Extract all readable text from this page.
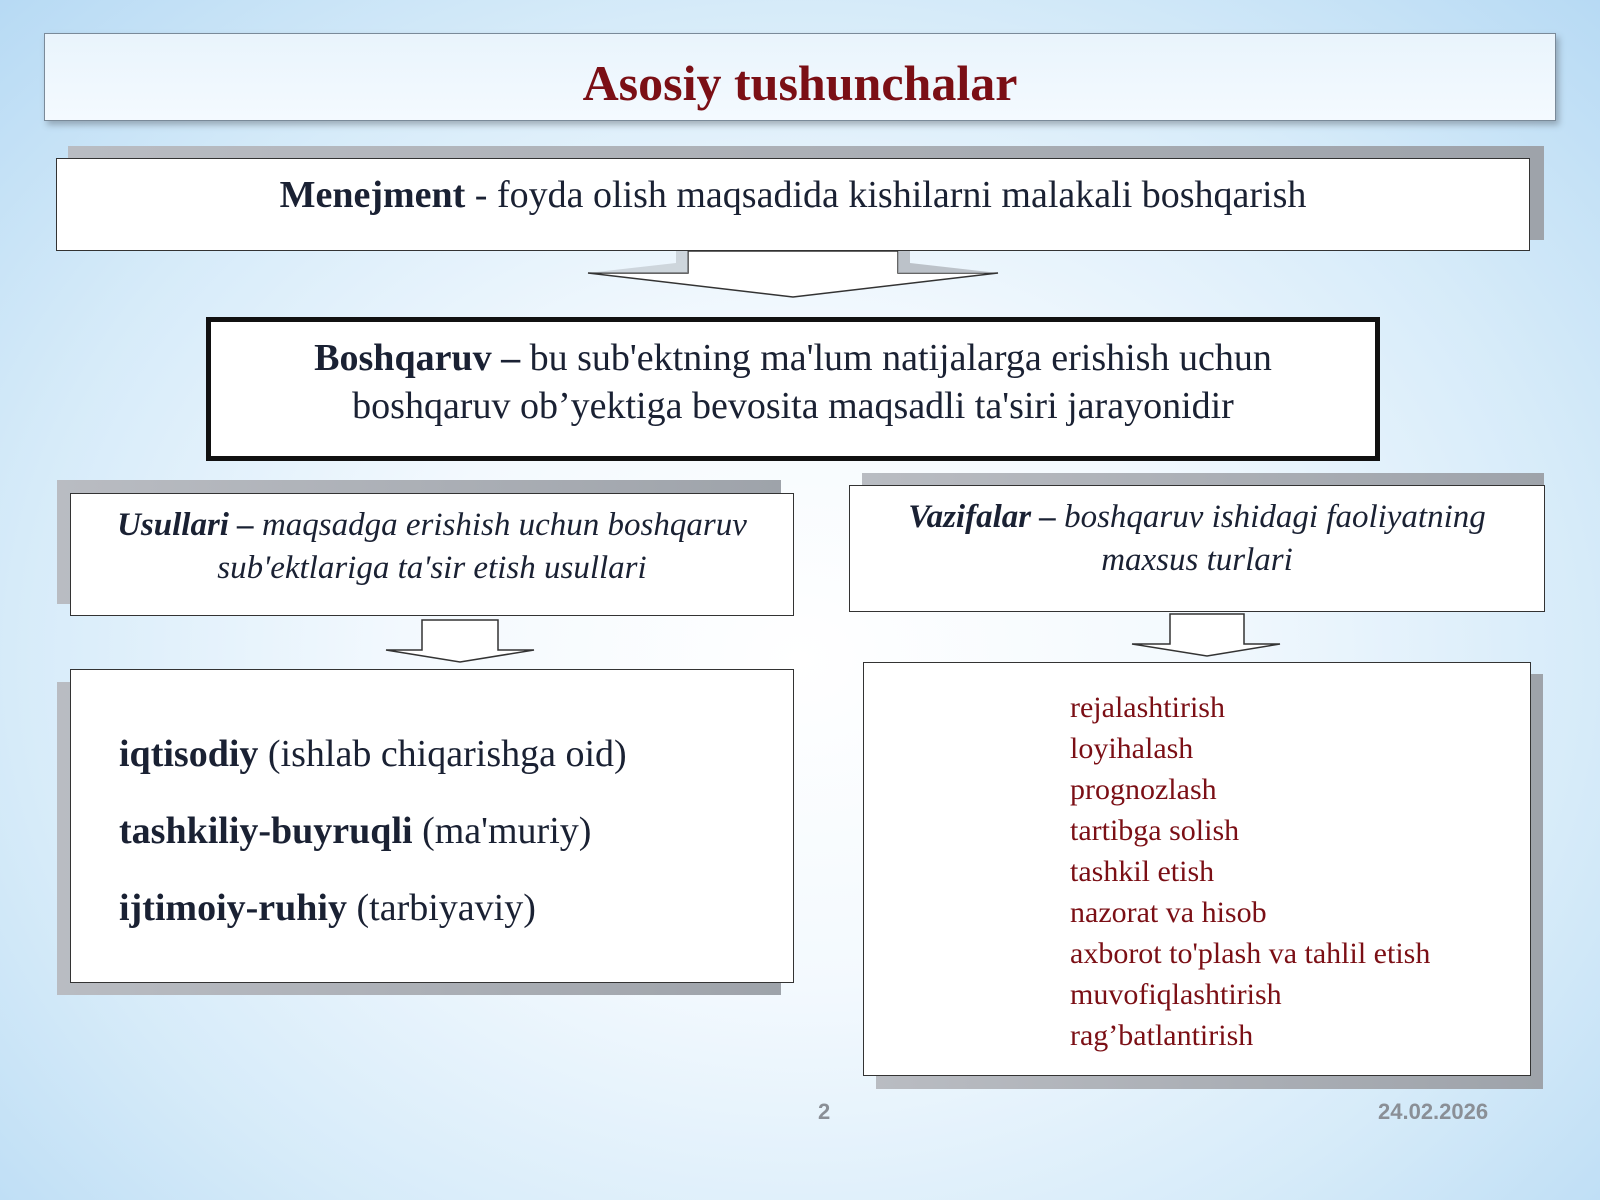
Asosiy tushunchalar
Menejment - foyda olish maqsadida kishilarni malakali boshqarish
Boshqaruv – bu sub'ektning ma'lum natijalarga erishish uchun
boshqaruv ob’yektiga bevosita maqsadli ta'siri jarayonidir
Usullari – maqsadga erishish uchun boshqaruv
sub'ektlariga ta'sir etish usullari
Vazifalar – boshqaruv ishidagi faoliyatning
maxsus turlari
iqtisodiy (ishlab chiqarishga oid)
tashkiliy-buyruqli (ma'muriy)
ijtimoiy-ruhiy (tarbiyaviy)
rejalashtirish
loyihalash
prognozlash
tartibga solish
tashkil etish
nazorat va hisob
axborot to'plash va tahlil etish
muvofiqlashtirish
rag’batlantirish
2	24.02.2026
